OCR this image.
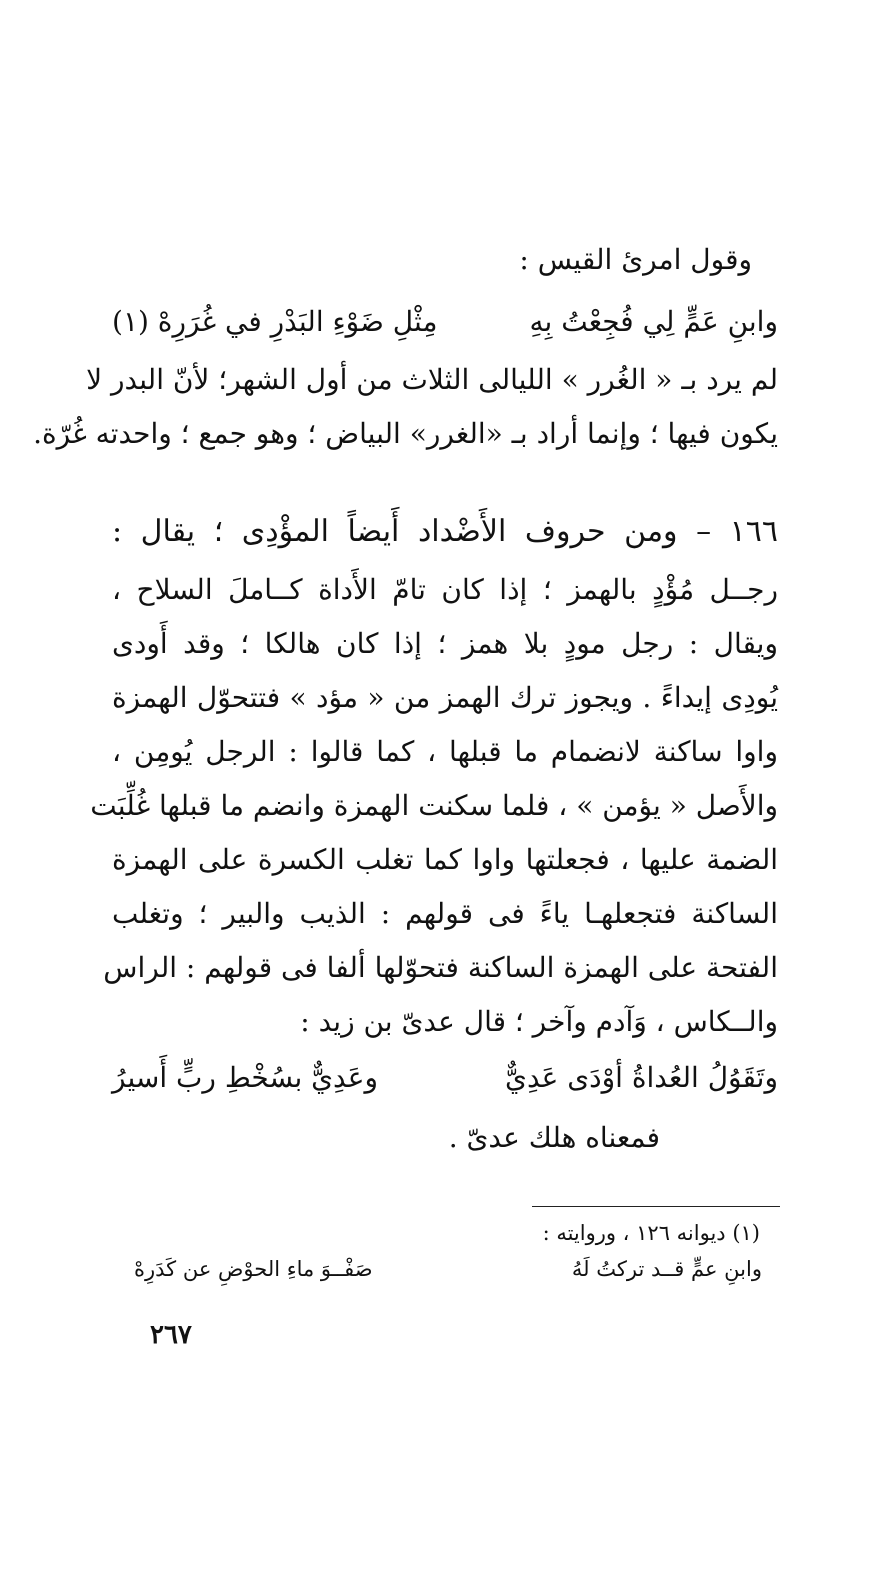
وقول امرئ القيس :
مِثْلِ ضَوْءِ البَدْرِ في غُرَرِهْ (١)	وابنِ عَمٍّ لِي فُجِعْتُ بِهِ
لم يرد بـ « الغُرر » الليالى الثلاث من أول الشهر؛ لأنّ البدر لا
يكون فيها ؛ وإنما أراد بـ «الغرر» البياض ؛ وهو جمع ؛ واحدته غُرّة.
١٦٦ – ومن حروف الأَضْداد أَيضاً المؤْدِى ؛ يقال :
رجــل مُؤْدٍ بالهمز ؛ إذا كان تامّ الأَداة كــاملَ السلاح ،
ويقال : رجل مودٍ بلا همز ؛ إذا كان هالكا ؛ وقد أَودى
يُودِى إيداءً . ويجوز ترك الهمز من « مؤد » فتتحوّل الهمزة
واوا ساكنة لانضمام ما قبلها ، كما قالوا : الرجل يُومِن ،
والأَصل « يؤمن » ، فلما سكنت الهمزة وانضم ما قبلها غُلِّبَت
الضمة عليها ، فجعلتها واوا كما تغلب الكسرة على الهمزة
الساكنة فتجعلهـا ياءً فى قولهم : الذيب والبير ؛ وتغلب
الفتحة على الهمزة الساكنة فتحوّلها ألفا فى قولهم : الراس
والــكاس ، وَآدم وآخر ؛ قال عدىّ بن زيد :
وعَدِيٌّ بسُخْطِ ربٍّ أَسيرُ	وتَقَوُلُ العُداةُ أوْدَى عَدِيٌّ
فمعناه هلك عدىّ .
(١) ديوانه ١٢٦ ، وروايته :
وابنِ عمٍّ قــد تركتُ لَهُ
صَفْــوَ ماءِ الحوْضِ عن كَدَرِهْ
٢٦٧
